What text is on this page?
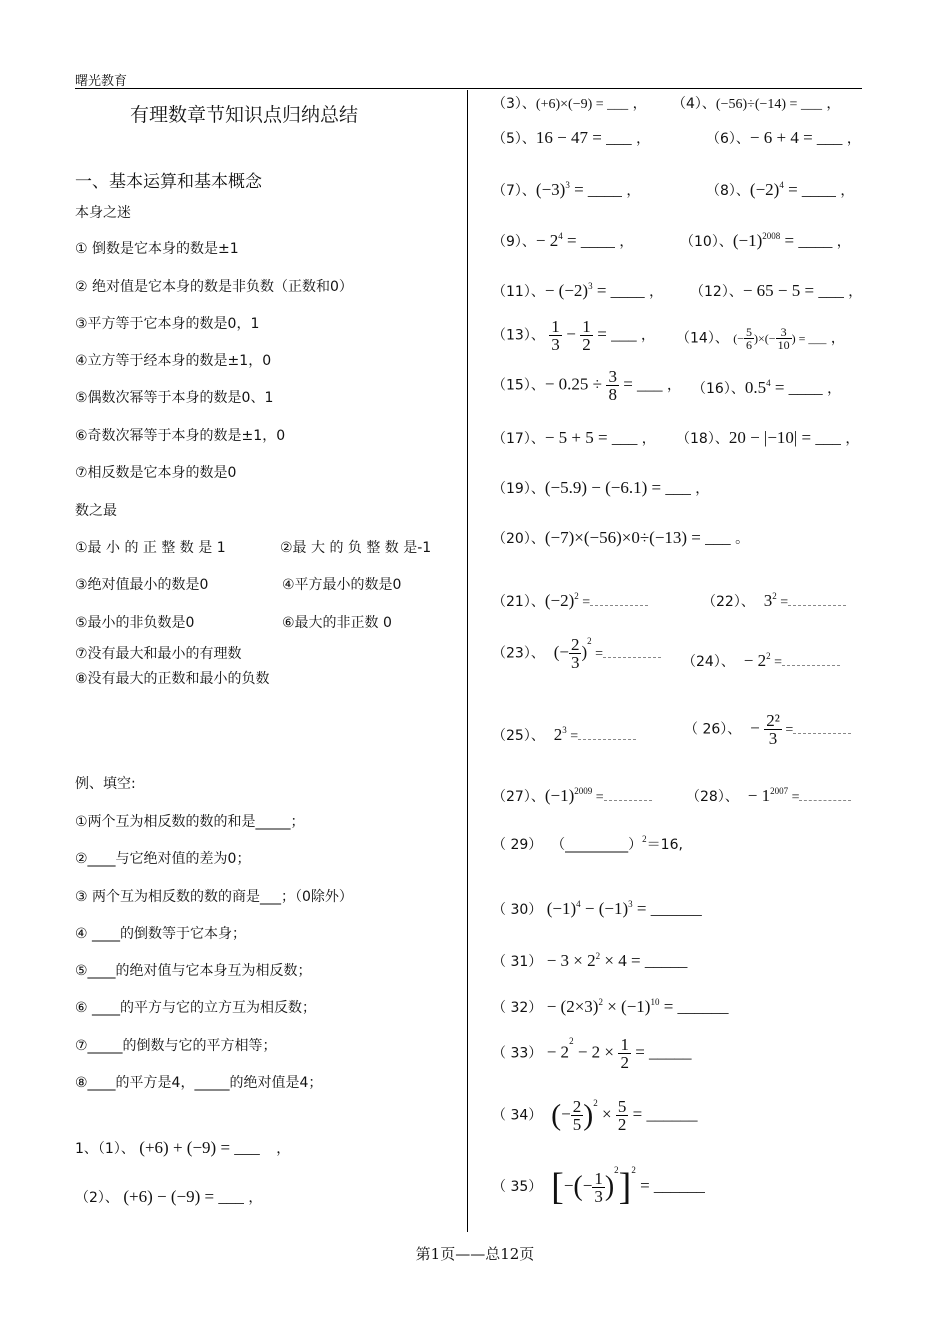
曙光教育
有理数章节知识点归纳总结
一、基本运算和基本概念
本身之迷
① 倒数是它本身的数是±1
② 绝对值是它本身的数是非负数（正数和0）
③平方等于它本身的数是0，1
④立方等于经本身的数是±1，0
⑤偶数次幂等于本身的数是0、1
⑥奇数次幂等于本身的数是±1，0
⑦相反数是它本身的数是0
数之最
①最 小 的 正 整 数 是 1	②最 大 的 负 整 数 是-1
③绝对值最小的数是0	④平方最小的数是0
⑤最小的非负数是0	⑥最大的非正数 0
⑦没有最大和最小的有理数
⑧没有最大的正数和最小的负数
例、填空:
①两个互为相反数的数的和是_____；
②____与它绝对值的差为0；
③ 两个互为相反数的数的商是___；（0除外）
④ ____的倒数等于它本身；
⑤____的绝对值与它本身互为相反数；
⑥ ____的平方与它的立方互为相反数；
⑦_____的倒数与它的平方相等；
⑧____的平方是4，_____的绝对值是4；
1、（1）、 (+6) + (−9) = ___ ，
（2）、 (+6) − (−9) = ___ ，
（3）、(+6)×(−9) = ___ ， （4）、(−56)÷(−14) = ___ ，
（5）、16 − 47 = ___ ，	（6）、− 6 + 4 = ___ ，
（7）、$(-3)^3$ = ____ ，	（8）、$(-2)^4$ = ____ ，
（9）、− $2^4$ = ____ ，	（10）、$(-1)^{2008}$ = ____ ，
（11）、− $(-2)^3$ = ____ ， （12）、− 65 − 5 = ___ ，
（13）、 $\frac{1}{3} - \frac{1}{2}$ = ___ ， （14）、 (− $\frac{5}{6}$ )×(− $\frac{3}{10}$ ) = ___ ，
（15）、− $0.25 \div \frac{3}{8}$ = ___ ， （16）、$0.5^4$ = ____ ，
（17）、− 5 + 5 = ___ ， （18）、20 − |−10| = ___ ，
（19）、(−5.9) − (−6.1) = ___ ，
（20）、(−7)×(−56)×0÷(−13) = ___ 。
（21）、$(-2)^2$ =	（22）、 $3^2$ =
（23）、 (− $\frac{2}{3} )^2$ =	（24）、 − $2^2$ =
（25）、 $2^3$ =	（ 26）、 − $\frac{\text{2²}}{3}$ =
（27）、$(-1)^{2009}$ =	（28）、 − $1^{2007}$ =
（ 29） （_________）$^2$＝16,
（ 30） $(-1)^4 - (-1)^3$ = ______
（ $31) - 3 \times 2^2 \times 4$ = _____
（ $32) - (2\times 3)^2 \times (-1)^{10}$ = ______
（ $33) - 2^2 - 2 \times \frac{1}{2}$ = _____
（ 34） (− $\frac{2}{5} )^2 \times \frac{5}{2}$ = ______
（ 35） [−(− $\frac{1}{3} )^2]^2$ = ______
第1页——总12页
